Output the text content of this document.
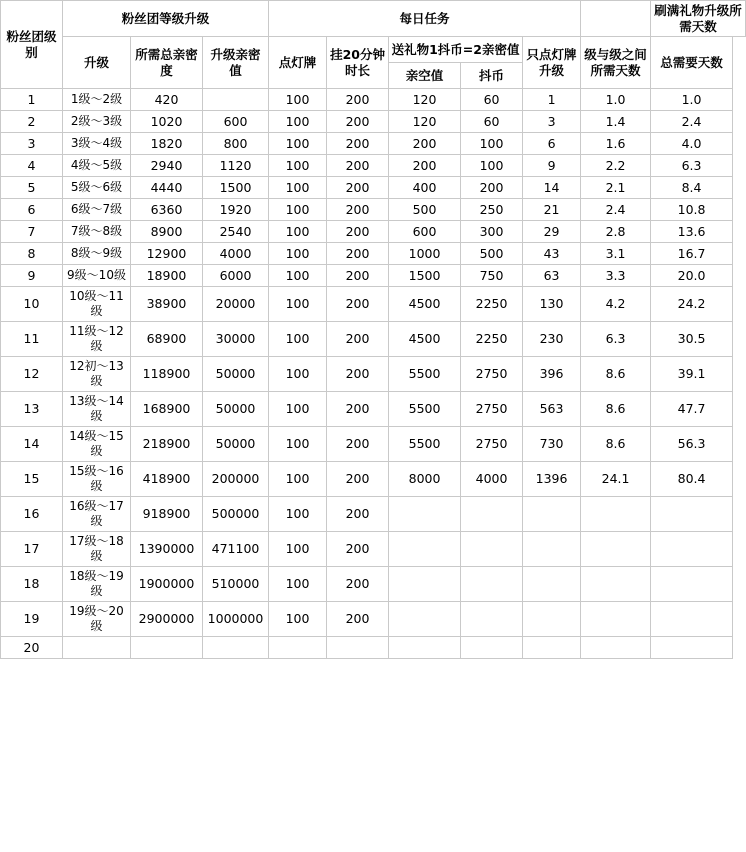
粉丝团级别	粉丝团等级升级			每日任务						刷满礼物升级所需天数
	升级	所需总亲密度	升级亲密值	点灯牌	挂20分钟时长	送礼物1抖币=2亲密值		只点灯牌升级	级与级之间所需天数	总需要天数
						亲空值	抖币			
1	1级〜2级	420		100	200	120	60	1	1.0	1.0
2	2级〜3级	1020	600	100	200	120	60	3	1.4	2.4
3	3级〜4级	1820	800	100	200	200	100	6	1.6	4.0
4	4级〜5级	2940	1120	100	200	200	100	9	2.2	6.3
5	5级〜6级	4440	1500	100	200	400	200	14	2.1	8.4
6	6级〜7级	6360	1920	100	200	500	250	21	2.4	10.8
7	7级〜8级	8900	2540	100	200	600	300	29	2.8	13.6
8	8级〜9级	12900	4000	100	200	1000	500	43	3.1	16.7
9	9级〜10级	18900	6000	100	200	1500	750	63	3.3	20.0
10	10级〜11级	38900	20000	100	200	4500	2250	130	4.2	24.2
11	11级〜12级	68900	30000	100	200	4500	2250	230	6.3	30.5
12	12初〜13级	118900	50000	100	200	5500	2750	396	8.6	39.1
13	13级〜14级	168900	50000	100	200	5500	2750	563	8.6	47.7
14	14级〜15级	218900	50000	100	200	5500	2750	730	8.6	56.3
15	15级〜16级	418900	200000	100	200	8000	4000	1396	24.1	80.4
16	16级〜17级	918900	500000	100	200					
17	17级〜18级	1390000	471100	100	200					
18	18级〜19级	1900000	510000	100	200					
19	19级〜20级	2900000	1000000	100	200					
20										
